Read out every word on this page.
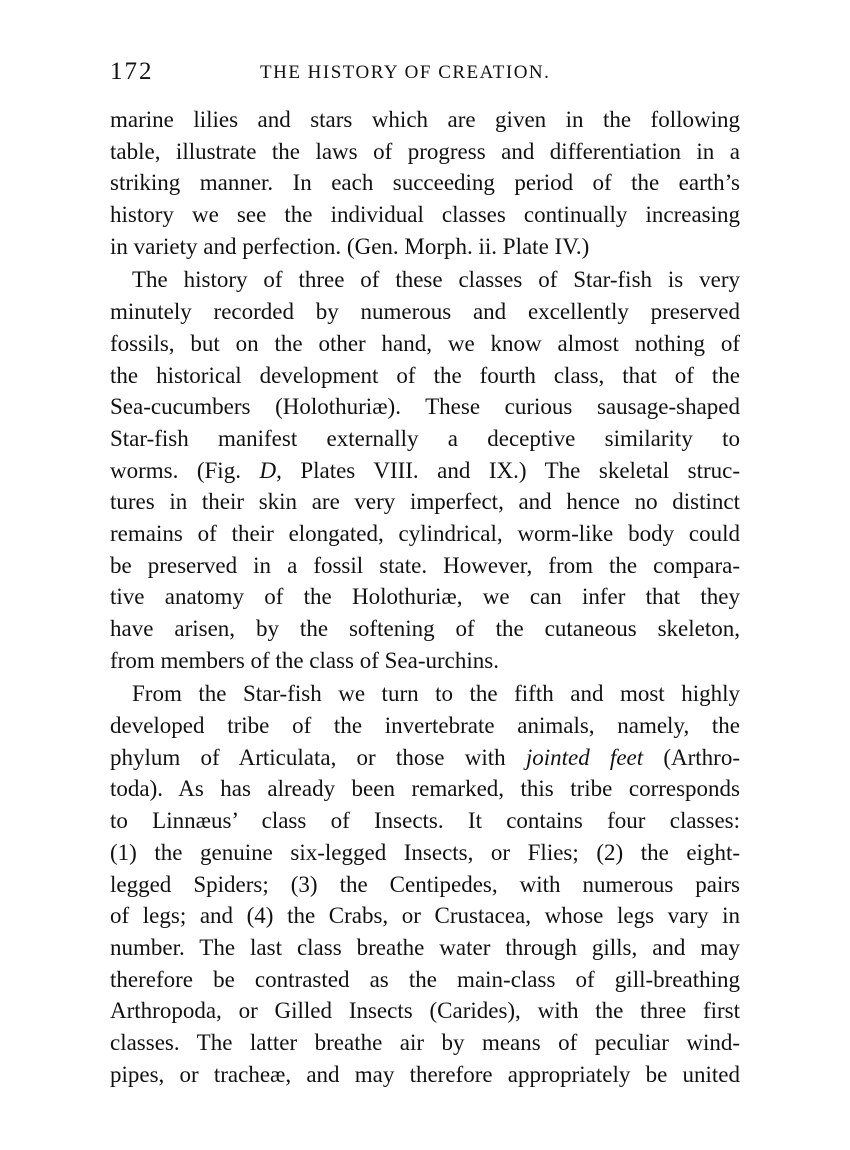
172	THE HISTORY OF CREATION.
marine lilies and stars which are given in the following
table, illustrate the laws of progress and differentiation in a
striking manner. In each succeeding period of the earth’s
history we see the individual classes continually increasing
in variety and perfection. (Gen. Morph. ii. Plate IV.)
The history of three of these classes of Star-fish is very
minutely recorded by numerous and excellently preserved
fossils, but on the other hand, we know almost nothing of
the historical development of the fourth class, that of the
Sea-cucumbers (Holothuriæ). These curious sausage-shaped
Star-fish manifest externally a deceptive similarity to
worms. (Fig. D, Plates VIII. and IX.) The skeletal struc-
tures in their skin are very imperfect, and hence no distinct
remains of their elongated, cylindrical, worm-like body could
be preserved in a fossil state. However, from the compara-
tive anatomy of the Holothuriæ, we can infer that they
have arisen, by the softening of the cutaneous skeleton,
from members of the class of Sea-urchins.
From the Star-fish we turn to the fifth and most highly
developed tribe of the invertebrate animals, namely, the
phylum of Articulata, or those with jointed feet (Arthro-
toda). As has already been remarked, this tribe corresponds
to Linnæus’ class of Insects. It contains four classes:
(1) the genuine six-legged Insects, or Flies; (2) the eight-
legged Spiders; (3) the Centipedes, with numerous pairs
of legs; and (4) the Crabs, or Crustacea, whose legs vary in
number. The last class breathe water through gills, and may
therefore be contrasted as the main-class of gill-breathing
Arthropoda, or Gilled Insects (Carides), with the three first
classes. The latter breathe air by means of peculiar wind-
pipes, or tracheæ, and may therefore appropriately be united
